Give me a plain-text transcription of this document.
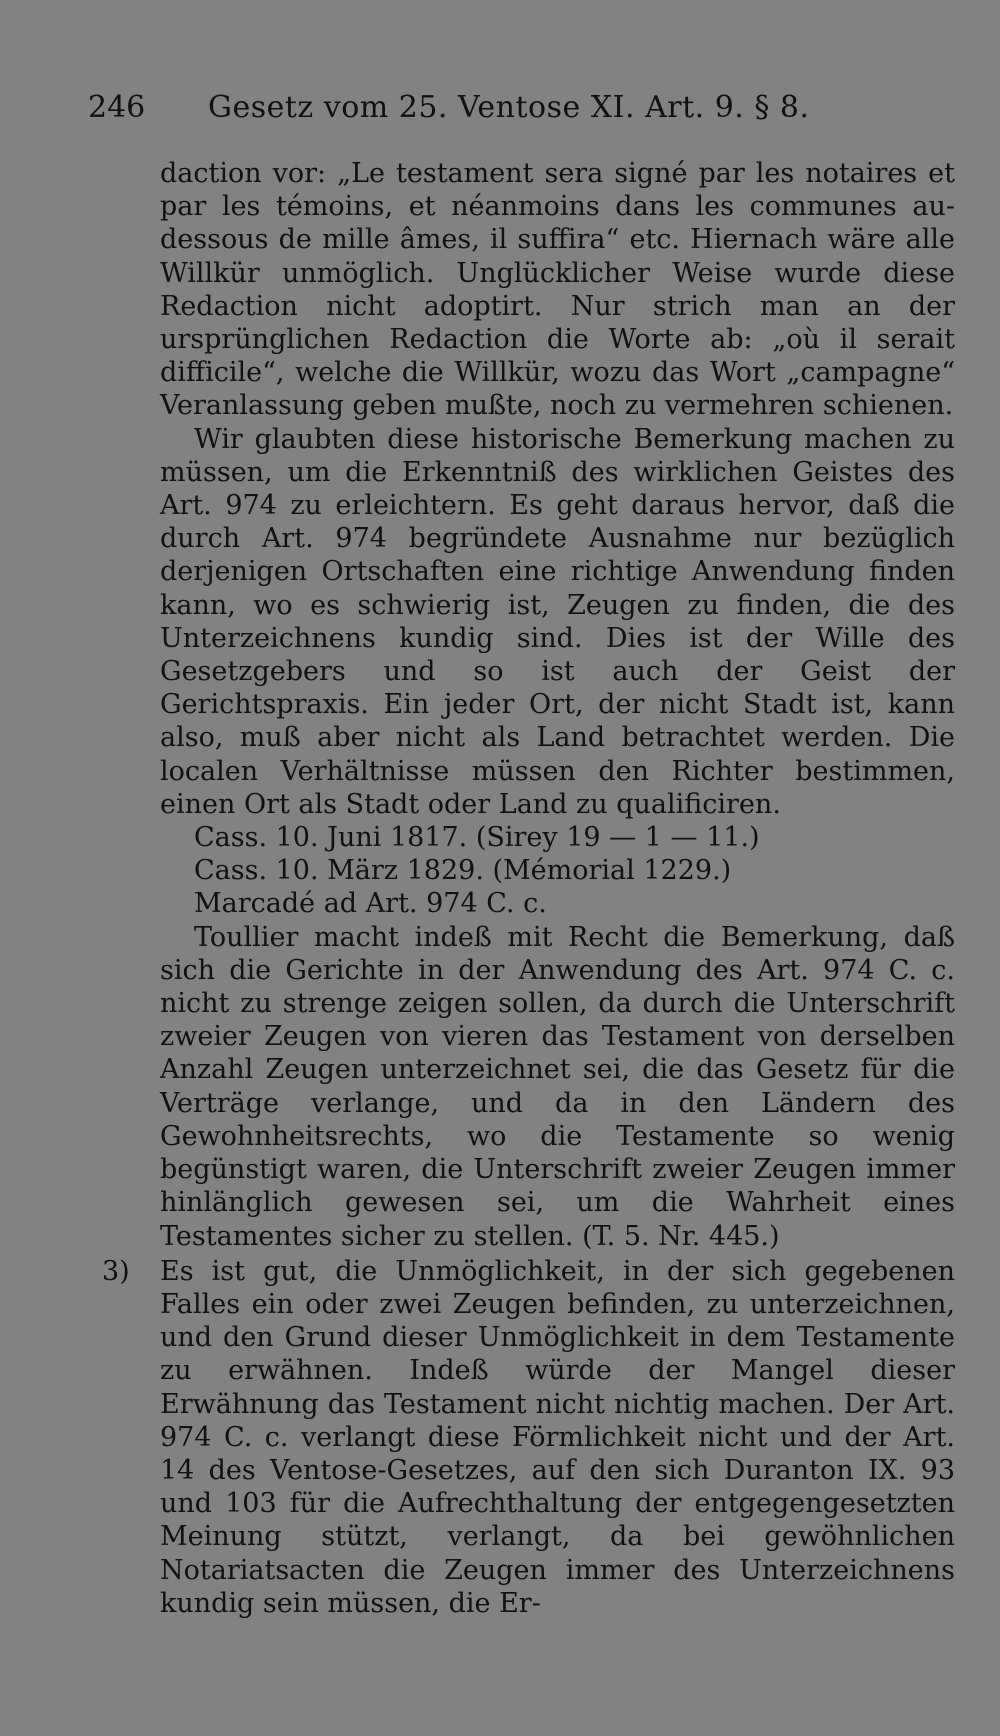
246 Gesetz vom 25. Ventose XI. Art. 9. § 8.

daction vor: „Le testament sera signé par les notaires et par les témoins, et néanmoins dans les communes au-dessous de mille âmes, il suffira“ etc. Hiernach wäre alle Willkür unmöglich. Unglücklicher Weise wurde diese Redaction nicht adoptirt. Nur strich man an der ursprünglichen Redaction die Worte ab: „où il serait difficile“, welche die Willkür, wozu das Wort „campagne“ Veranlassung geben mußte, noch zu vermehren schienen.

Wir glaubten diese historische Bemerkung machen zu müssen, um die Erkenntniß des wirklichen Geistes des Art. 974 zu erleichtern. Es geht daraus hervor, daß die durch Art. 974 begründete Ausnahme nur bezüglich derjenigen Ortschaften eine richtige Anwendung finden kann, wo es schwierig ist, Zeugen zu finden, die des Unterzeichnens kundig sind. Dies ist der Wille des Gesetzgebers und so ist auch der Geist der Gerichtspraxis. Ein jeder Ort, der nicht Stadt ist, kann also, muß aber nicht als Land betrachtet werden. Die localen Verhältnisse müssen den Richter bestimmen, einen Ort als Stadt oder Land zu qualificiren.

Cass. 10. Juni 1817. (Sirey 19 — 1 — 11.)

Cass. 10. März 1829. (Mémorial 1229.)

Marcadé ad Art. 974 C. c.

Toullier macht indeß mit Recht die Bemerkung, daß sich die Gerichte in der Anwendung des Art. 974 C. c. nicht zu strenge zeigen sollen, da durch die Unterschrift zweier Zeugen von vieren das Testament von derselben Anzahl Zeugen unterzeichnet sei, die das Gesetz für die Verträge verlange, und da in den Ländern des Gewohnheitsrechts, wo die Testamente so wenig begünstigt waren, die Unterschrift zweier Zeugen immer hinlänglich gewesen sei, um die Wahrheit eines Testamentes sicher zu stellen. (T. 5. Nr. 445.)

3) Es ist gut, die Unmöglichkeit, in der sich gegebenen Falles ein oder zwei Zeugen befinden, zu unterzeichnen, und den Grund dieser Unmöglichkeit in dem Testamente zu erwähnen. Indeß würde der Mangel dieser Erwähnung das Testament nicht nichtig machen. Der Art. 974 C. c. verlangt diese Förmlichkeit nicht und der Art. 14 des Ventose-Gesetzes, auf den sich Duranton IX. 93 und 103 für die Aufrechthaltung der entgegengesetzten Meinung stützt, verlangt, da bei gewöhnlichen Notariatsacten die Zeugen immer des Unterzeichnens kundig sein müssen, die Er-
